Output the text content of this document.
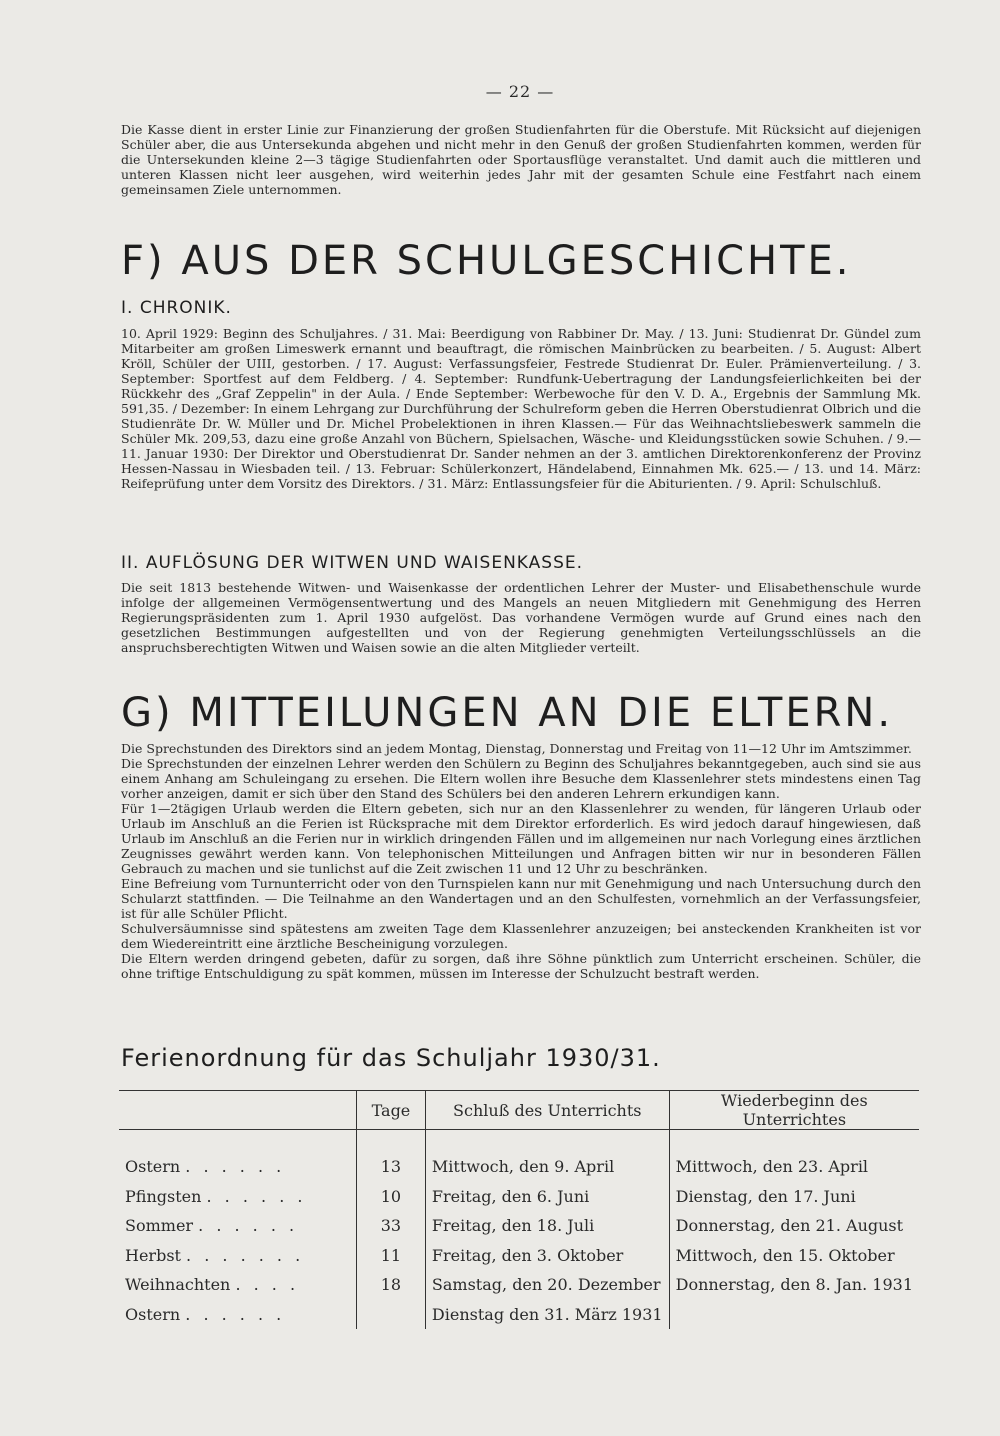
— 22 —

Die Kasse dient in erster Linie zur Finanzierung der großen Studienfahrten für die Oberstufe. Mit Rücksicht auf diejenigen Schüler aber, die aus Untersekunda abgehen und nicht mehr in den Genuß der großen Studienfahrten kommen, werden für die Untersekunden kleine 2—3 tägige Studienfahrten oder Sportausflüge veranstaltet. Und damit auch die mittleren und unteren Klassen nicht leer ausgehen, wird weiterhin jedes Jahr mit der gesamten Schule eine Festfahrt nach einem gemeinsamen Ziele unternommen.

F) AUS DER SCHULGESCHICHTE.
I. CHRONIK.

10. April 1929: Beginn des Schuljahres. / 31. Mai: Beerdigung von Rabbiner Dr. May. / 13. Juni: Studienrat Dr. Gündel zum Mitarbeiter am großen Limeswerk ernannt und beauftragt, die römischen Mainbrücken zu bearbeiten. / 5. August: Albert Kröll, Schüler der UIII, gestorben. / 17. August: Verfassungsfeier, Festrede Studienrat Dr. Euler. Prämienverteilung. / 3. September: Sportfest auf dem Feldberg. / 4. September: Rundfunk-Uebertragung der Landungsfeierlichkeiten bei der Rückkehr des „Graf Zeppelin" in der Aula. / Ende September: Werbewoche für den V. D. A., Ergebnis der Sammlung Mk. 591,35. / Dezember: In einem Lehrgang zur Durchführung der Schulreform geben die Herren Oberstudienrat Olbrich und die Studienräte Dr. W. Müller und Dr. Michel Probelektionen in ihren Klassen.— Für das Weihnachtsliebeswerk sammeln die Schüler Mk. 209,53, dazu eine große Anzahl von Büchern, Spielsachen, Wäsche- und Kleidungsstücken sowie Schuhen. / 9.—11. Januar 1930: Der Direktor und Oberstudienrat Dr. Sander nehmen an der 3. amtlichen Direktorenkonferenz der Provinz Hessen-Nassau in Wiesbaden teil. / 13. Februar: Schülerkonzert, Händelabend, Einnahmen Mk. 625.— / 13. und 14. März: Reifeprüfung unter dem Vorsitz des Direktors. / 31. März: Entlassungsfeier für die Abiturienten. / 9. April: Schulschluß.

II. AUFLÖSUNG DER WITWEN UND WAISENKASSE.

Die seit 1813 bestehende Witwen- und Waisenkasse der ordentlichen Lehrer der Muster- und Elisabethenschule wurde infolge der allgemeinen Vermögensentwertung und des Mangels an neuen Mitgliedern mit Genehmigung des Herren Regierungspräsidenten zum 1. April 1930 aufgelöst. Das vorhandene Vermögen wurde auf Grund eines nach den gesetzlichen Bestimmungen aufgestellten und von der Regierung genehmigten Verteilungsschlüssels an die anspruchsberechtigten Witwen und Waisen sowie an die alten Mitglieder verteilt.

G) MITTEILUNGEN AN DIE ELTERN.

Die Sprechstunden des Direktors sind an jedem Montag, Dienstag, Donnerstag und Freitag von 11—12 Uhr im Amtszimmer.

Die Sprechstunden der einzelnen Lehrer werden den Schülern zu Beginn des Schuljahres bekanntgegeben, auch sind sie aus einem Anhang am Schuleingang zu ersehen. Die Eltern wollen ihre Besuche dem Klassenlehrer stets mindestens einen Tag vorher anzeigen, damit er sich über den Stand des Schülers bei den anderen Lehrern erkundigen kann.

Für 1—2tägigen Urlaub werden die Eltern gebeten, sich nur an den Klassenlehrer zu wenden, für längeren Urlaub oder Urlaub im Anschluß an die Ferien ist Rücksprache mit dem Direktor erforderlich. Es wird jedoch darauf hingewiesen, daß Urlaub im Anschluß an die Ferien nur in wirklich dringenden Fällen und im allgemeinen nur nach Vorlegung eines ärztlichen Zeugnisses gewährt werden kann. Von telephonischen Mitteilungen und Anfragen bitten wir nur in besonderen Fällen Gebrauch zu machen und sie tunlichst auf die Zeit zwischen 11 und 12 Uhr zu beschränken.

Eine Befreiung vom Turnunterricht oder von den Turnspielen kann nur mit Genehmigung und nach Untersuchung durch den Schularzt stattfinden. — Die Teilnahme an den Wandertagen und an den Schulfesten, vornehmlich an der Verfassungsfeier, ist für alle Schüler Pflicht.

Schulversäumnisse sind spätestens am zweiten Tage dem Klassenlehrer anzuzeigen; bei ansteckenden Krankheiten ist vor dem Wiedereintritt eine ärztliche Bescheinigung vorzulegen.

Die Eltern werden dringend gebeten, dafür zu sorgen, daß ihre Söhne pünktlich zum Unterricht erscheinen. Schüler, die ohne triftige Entschuldigung zu spät kommen, müssen im Interesse der Schulzucht bestraft werden.

Ferienordnung für das Schuljahr 1930/31.
	Tage	Schluß des Unterrichts	Wiederbeginn des Unterrichtes

Ostern . . . . . .	13	Mittwoch, den 9. April	Mittwoch, den 23. April
Pfingsten . . . . . .	10	Freitag, den 6. Juni	Dienstag, den 17. Juni
Sommer . . . . . .	33	Freitag, den 18. Juli	Donnerstag, den 21. August
Herbst . . . . . . .	11	Freitag, den 3. Oktober	Mittwoch, den 15. Oktober
Weihnachten . . . .	18	Samstag, den 20. Dezember	Donnerstag, den 8. Jan. 1931
Ostern . . . . . .		Dienstag den 31. März 1931	
